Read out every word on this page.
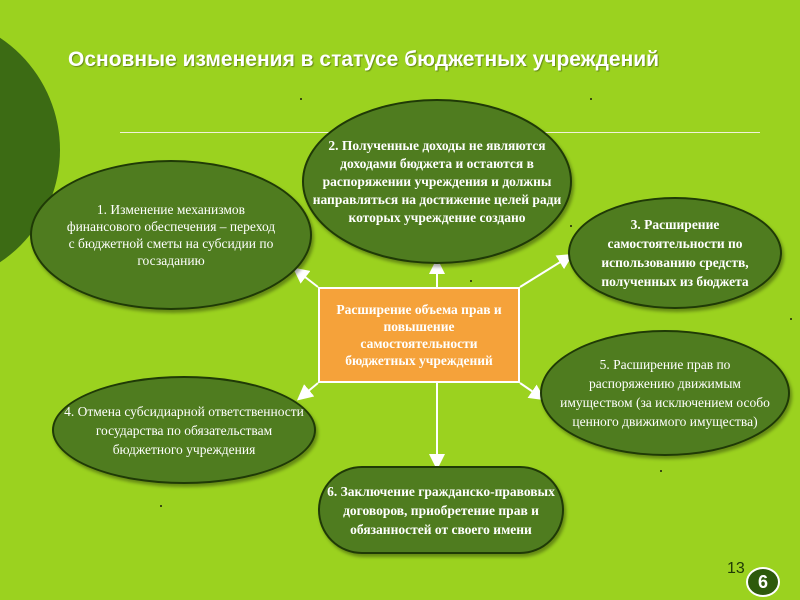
Основные изменения в статусе бюджетных учреждений
2. Полученные доходы не являются доходами бюджета и остаются в распоряжении учреждения и должны направляться на достижение целей ради которых учреждение создано
1. Изменение механизмов финансового обеспечения – переход с бюджетной сметы на субсидии по госзаданию
3. Расширение самостоятельности по использованию средств, полученных из бюджета
4. Отмена субсидиарной ответственности государства по обязательствам бюджетного учреждения
5. Расширение прав по распоряжению движимым имуществом (за исключением особо ценного движимого имущества)
6. Заключение гражданско-правовых договоров, приобретение прав и обязанностей от своего имени
Расширение объема прав и повышение самостоятельности бюджетных учреждений
13
6
